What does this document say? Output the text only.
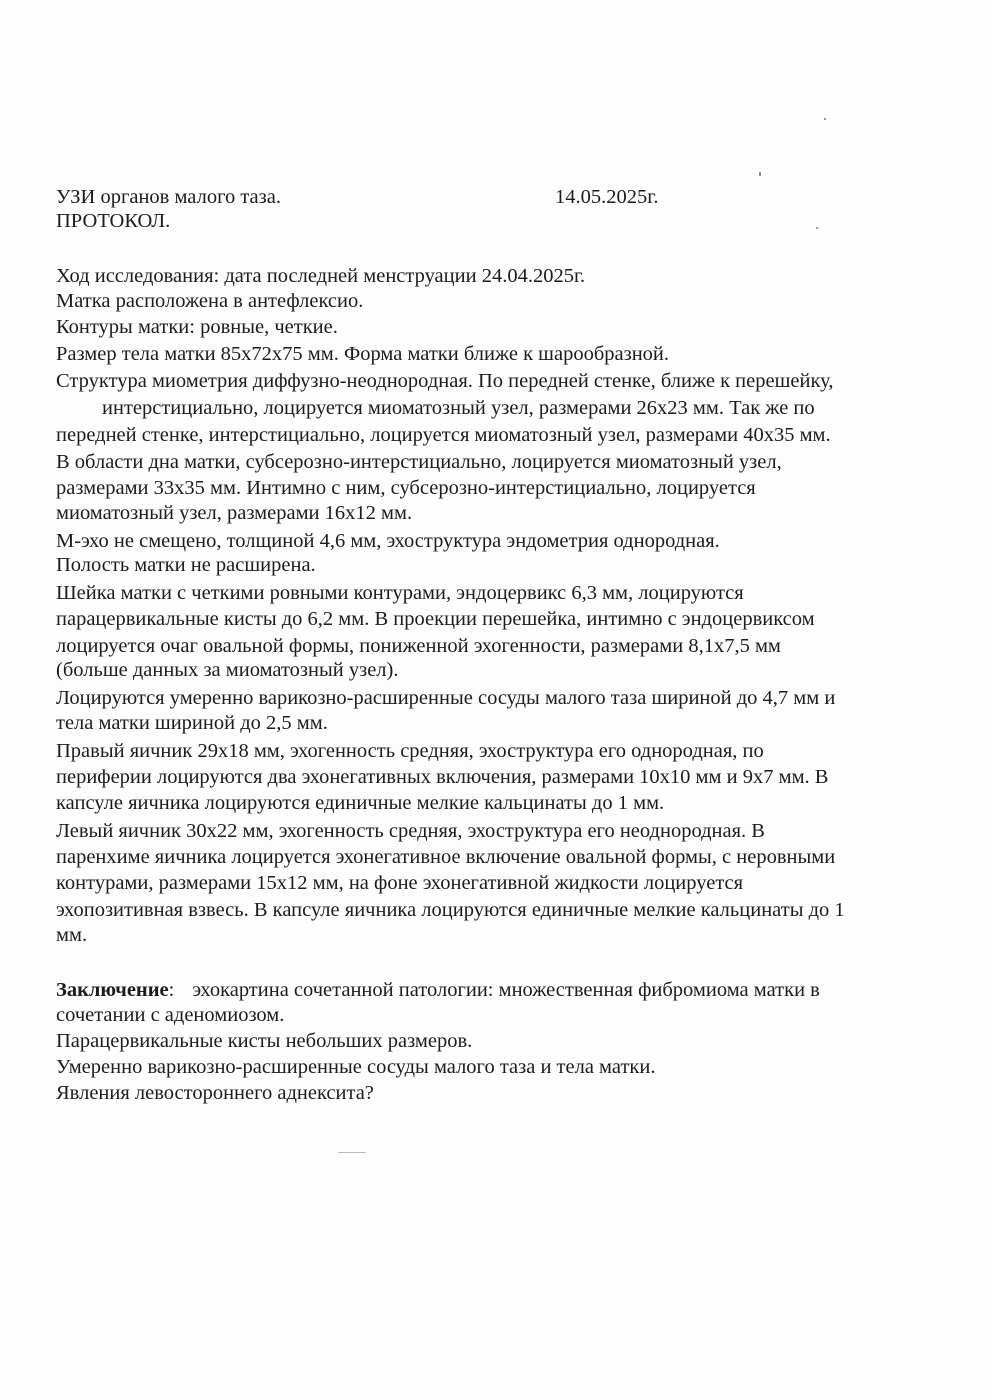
УЗИ органов малого таза.	14.05.2025г.
ПРОТОКОЛ.
Ход исследования: дата последней менструации 24.04.2025г.
Матка расположена в антефлексио.
Контуры матки: ровные, четкие.
Размер тела матки 85х72х75 мм. Форма матки ближе к шарообразной.
Структура миометрия диффузно-неоднородная. По передней стенке, ближе к перешейку,
интерстициально, лоцируется миоматозный узел, размерами 26х23 мм. Так же по
передней стенке, интерстициально, лоцируется миоматозный узел, размерами 40х35 мм.
В области дна матки, субсерозно-интерстициально, лоцируется миоматозный узел,
размерами 33х35 мм. Интимно с ним, субсерозно-интерстициально, лоцируется
миоматозный узел, размерами 16х12 мм.
М-эхо не смещено, толщиной 4,6 мм, эхоструктура эндометрия однородная.
Полость матки не расширена.
Шейка матки с четкими ровными контурами, эндоцервикс 6,3 мм, лоцируются
парацервикальные кисты до 6,2 мм. В проекции перешейка, интимно с эндоцервиксом
лоцируется очаг овальной формы, пониженной эхогенности, размерами 8,1х7,5 мм
(больше данных за миоматозный узел).
Лоцируются умеренно варикозно-расширенные сосуды малого таза шириной до 4,7 мм и
тела матки шириной до 2,5 мм.
Правый яичник 29х18 мм, эхогенность средняя, эхоструктура его однородная, по
периферии лоцируются два эхонегативных включения, размерами 10х10 мм и 9х7 мм. В
капсуле яичника лоцируются единичные мелкие кальцинаты до 1 мм.
Левый яичник 30х22 мм, эхогенность средняя, эхоструктура его неоднородная. В
паренхиме яичника лоцируется эхонегативное включение овальной формы, с неровными
контурами, размерами 15х12 мм, на фоне эхонегативной жидкости лоцируется
эхопозитивная взвесь. В капсуле яичника лоцируются единичные мелкие кальцинаты до 1
мм.
Заключение: эхокартина сочетанной патологии: множественная фибромиома матки в
сочетании с аденомиозом.
Парацервикальные кисты небольших размеров.
Умеренно варикозно-расширенные сосуды малого таза и тела матки.
Явления левостороннего аднексита?
